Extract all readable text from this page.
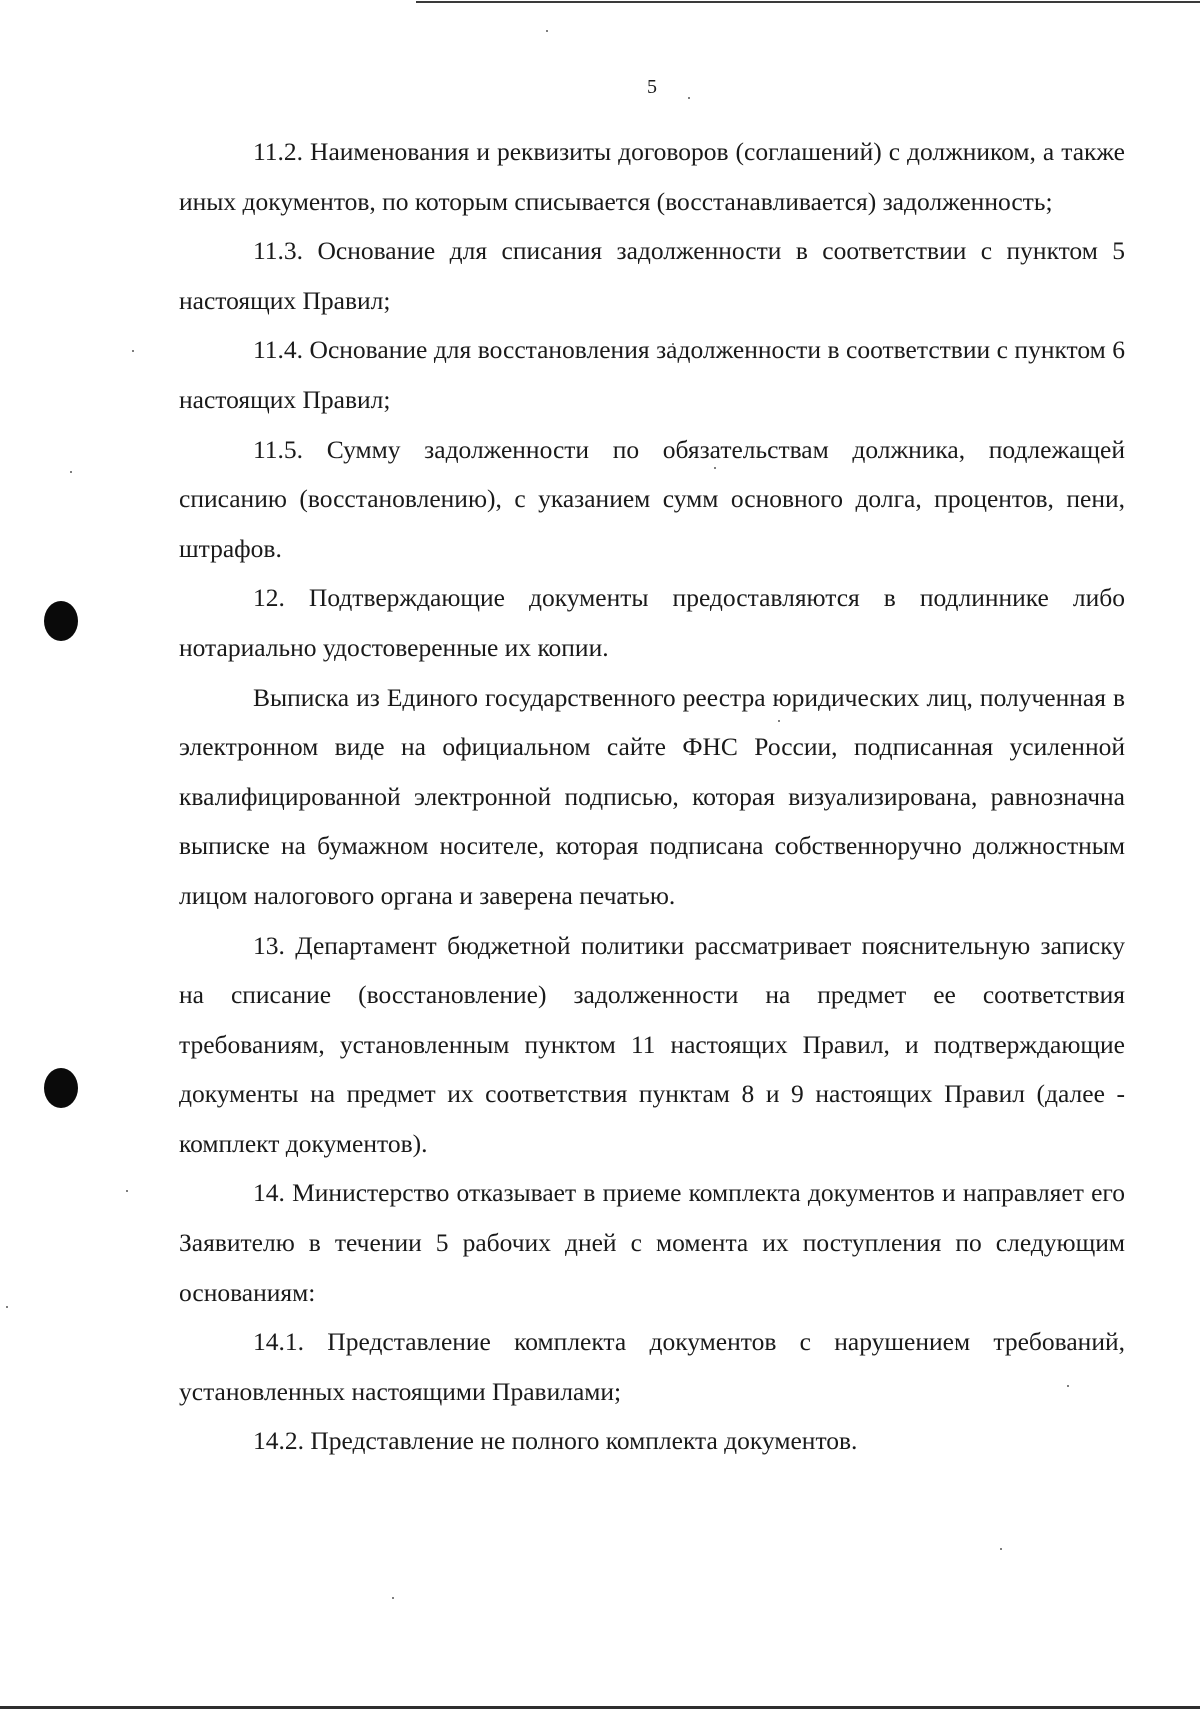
5

11.2. Наименования и реквизиты договоров (соглашений) с должником, а также иных документов, по которым списывается (восстанавливается) задолженность;

11.3. Основание для списания задолженности в соответствии с пунктом 5 настоящих Правил;

11.4. Основание для восстановления задолженности в соответствии с пунктом 6 настоящих Правил;

11.5. Сумму задолженности по обязательствам должника, подлежащей списанию (восстановлению), с указанием сумм основного долга, процентов, пени, штрафов.

12. Подтверждающие документы предоставляются в подлиннике либо нотариально удостоверенные их копии.

Выписка из Единого государственного реестра юридических лиц, полученная в электронном виде на официальном сайте ФНС России, подписанная усиленной квалифицированной электронной подписью, которая визуализирована, равнозначна выписке на бумажном носителе, которая подписана собственноручно должностным лицом налогового органа и заверена печатью.

13. Департамент бюджетной политики рассматривает пояснительную записку на списание (восстановление) задолженности на предмет ее соответствия требованиям, установленным пунктом 11 настоящих Правил, и подтверждающие документы на предмет их соответствия пунктам 8 и 9 настоящих Правил (далее - комплект документов).

14. Министерство отказывает в приеме комплекта документов и направляет его Заявителю в течении 5 рабочих дней с момента их поступления по следующим основаниям:

14.1. Представление комплекта документов с нарушением требований, установленных настоящими Правилами;

14.2. Представление не полного комплекта документов.
